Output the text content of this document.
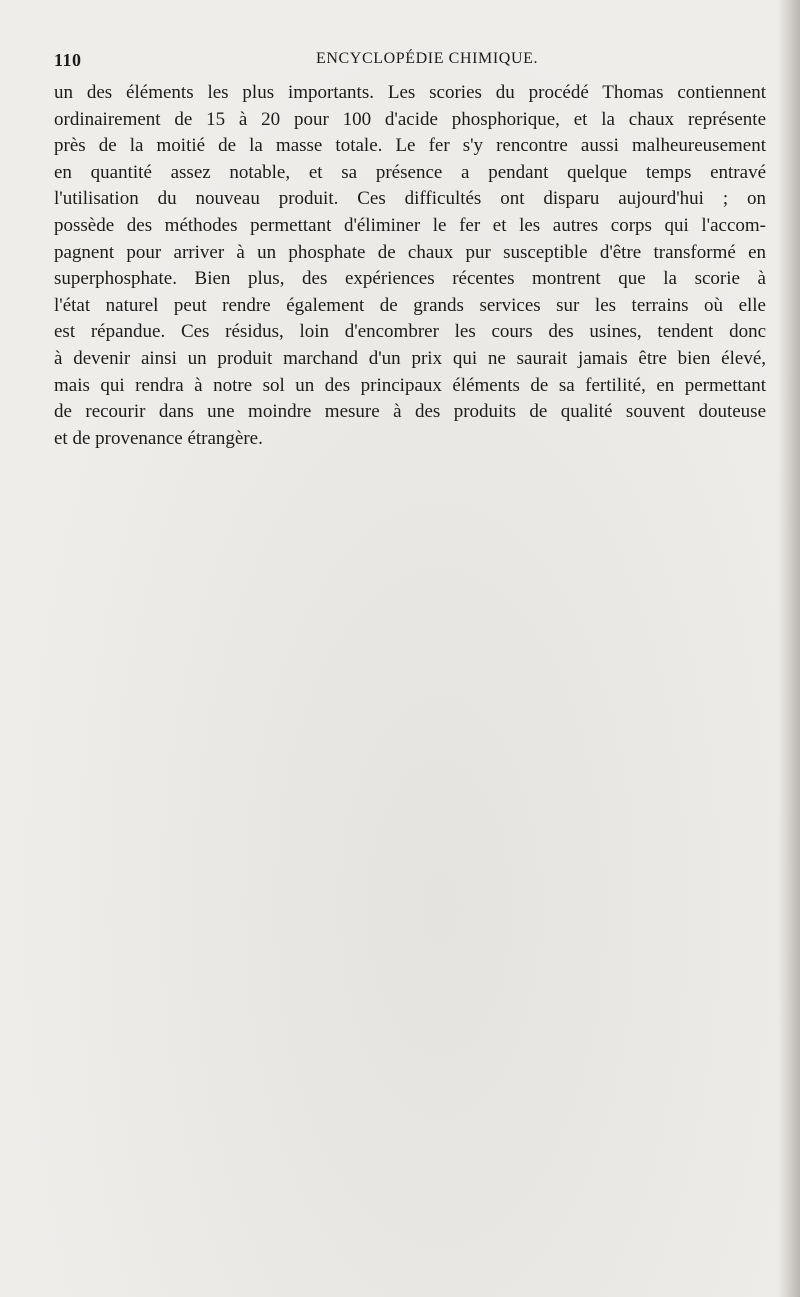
110	ENCYCLOPÉDIE CHIMIQUE.
un des éléments les plus importants. Les scories du procédé Thomas contiennent
ordinairement de 15 à 20 pour 100 d'acide phosphorique, et la chaux représente
près de la moitié de la masse totale. Le fer s'y rencontre aussi malheureusement
en quantité assez notable, et sa présence a pendant quelque temps entravé
l'utilisation du nouveau produit. Ces difficultés ont disparu aujourd'hui ; on
possède des méthodes permettant d'éliminer le fer et les autres corps qui l'accom-
pagnent pour arriver à un phosphate de chaux pur susceptible d'être transformé en
superphosphate. Bien plus, des expériences récentes montrent que la scorie à
l'état naturel peut rendre également de grands services sur les terrains où elle
est répandue. Ces résidus, loin d'encombrer les cours des usines, tendent donc
à devenir ainsi un produit marchand d'un prix qui ne saurait jamais être bien élevé,
mais qui rendra à notre sol un des principaux éléments de sa fertilité, en permettant
de recourir dans une moindre mesure à des produits de qualité souvent douteuse
et de provenance étrangère.
